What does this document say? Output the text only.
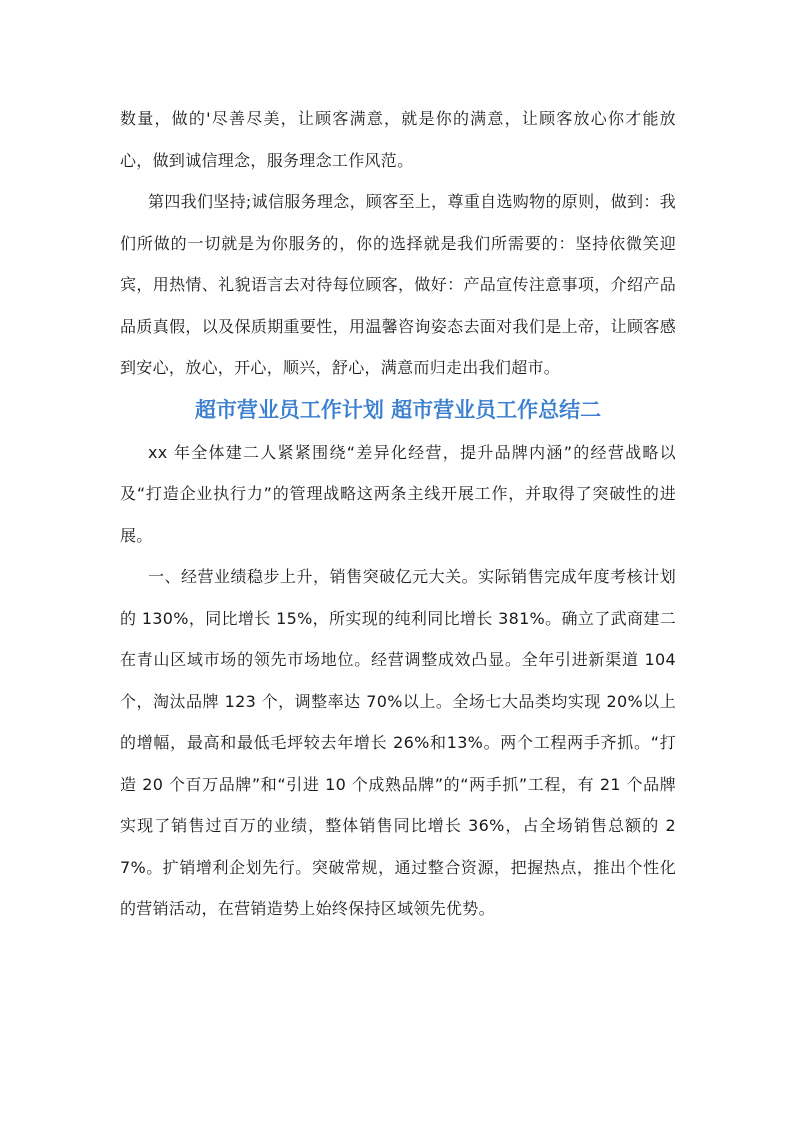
数量，做的'尽善尽美，让顾客满意，就是你的满意，让顾客放心你才能放心，做到诚信理念，服务理念工作风范。

第四我们坚持;诚信服务理念，顾客至上，尊重自选购物的原则，做到：我们所做的一切就是为你服务的，你的选择就是我们所需要的：坚持依微笑迎宾，用热情、礼貌语言去对待每位顾客，做好：产品宣传注意事项，介绍产品品质真假，以及保质期重要性，用温馨咨询姿态去面对我们是上帝，让顾客感到安心，放心，开心，顺兴，舒心，满意而归走出我们超市。

超市营业员工作计划 超市营业员工作总结二

xx 年全体建二人紧紧围绕“差异化经营，提升品牌内涵”的经营战略以及“打造企业执行力”的管理战略这两条主线开展工作，并取得了突破性的进展。

一、经营业绩稳步上升，销售突破亿元大关。实际销售完成年度考核计划的 130%，同比增长 15%，所实现的纯利同比增长 381%。确立了武商建二在青山区域市场的领先市场地位。经营调整成效凸显。全年引进新渠道 104 个，淘汰品牌 123 个，调整率达 70%以上。全场七大品类均实现 20%以上的增幅，最高和最低毛坪较去年增长 26%和13%。两个工程两手齐抓。“打造 20 个百万品牌”和“引进 10 个成熟品牌”的“两手抓”工程，有 21 个品牌实现了销售过百万的业绩，整体销售同比增长 36%，占全场销售总额的 27%。扩销增利企划先行。突破常规，通过整合资源，把握热点，推出个性化的营销活动，在营销造势上始终保持区域领先优势。
